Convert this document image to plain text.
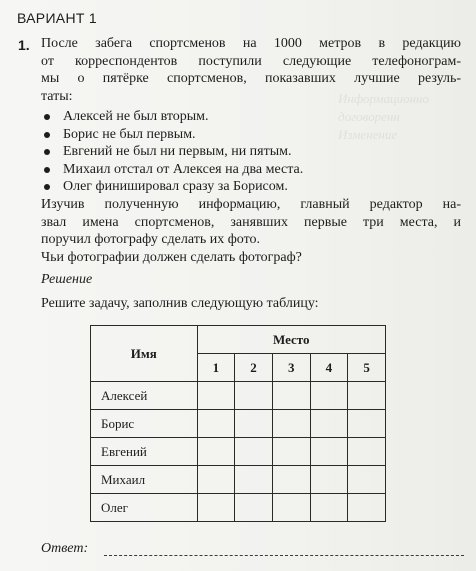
Информационно
договоренн
Изменение
ВАРИАНТ 1
1. После забега спортсменов на 1000 метров в редакцию
от корреспондентов поступили следующие телефонограм-
мы о пятёрке спортсменов, показавших лучшие резуль-
таты:
Алексей не был вторым.
Борис не был первым.
Евгений не был ни первым, ни пятым.
Михаил отстал от Алексея на два места.
Олег финишировал сразу за Борисом.
Изучив полученную информацию, главный редактор на-
звал имена спортсменов, занявших первые три места, и
поручил фотографу сделать их фото.
Чьи фотографии должен сделать фотограф?
Решение
Решите задачу, заполнив следующую таблицу:
Имя	Место				
	1	2	3	4	5
Алексей					
Борис					
Евгений					
Михаил					
Олег					
Ответ:
